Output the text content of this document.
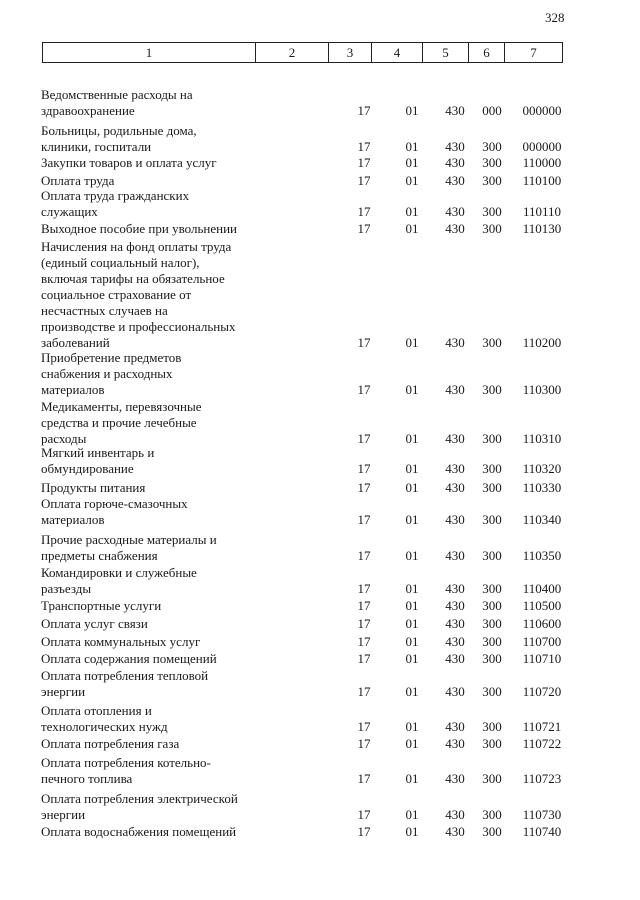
328
1	2	3	4	5	6	7
Ведомственные расходы на
здравоохранение	17	01	430	000	000000
Больницы, родильные дома,
клиники, госпитали	17	01	430	300	000000
Закупки товаров и оплата услуг	17	01	430	300	110000
Оплата труда	17	01	430	300	110100
Оплата труда гражданских
служащих	17	01	430	300	110110
Выходное пособие при увольнении	17	01	430	300	110130
Начисления на фонд оплаты труда
(единый социальный налог),
включая тарифы на обязательное
социальное страхование от
несчастных случаев на
производстве и профессиональных
заболеваний	17	01	430	300	110200
Приобретение предметов
снабжения и расходных
материалов	17	01	430	300	110300
Медикаменты, перевязочные
средства и прочие лечебные
расходы	17	01	430	300	110310
Мягкий инвентарь и
обмундирование	17	01	430	300	110320
Продукты питания	17	01	430	300	110330
Оплата горюче-смазочных
материалов	17	01	430	300	110340
Прочие расходные материалы и
предметы снабжения	17	01	430	300	110350
Командировки и служебные
разъезды	17	01	430	300	110400
Транспортные услуги	17	01	430	300	110500
Оплата услуг связи	17	01	430	300	110600
Оплата коммунальных услуг	17	01	430	300	110700
Оплата содержания помещений	17	01	430	300	110710
Оплата потребления тепловой
энергии	17	01	430	300	110720
Оплата отопления и
технологических нужд	17	01	430	300	110721
Оплата потребления газа	17	01	430	300	110722
Оплата потребления котельно-
печного топлива	17	01	430	300	110723
Оплата потребления электрической
энергии	17	01	430	300	110730
Оплата водоснабжения помещений	17	01	430	300	110740
